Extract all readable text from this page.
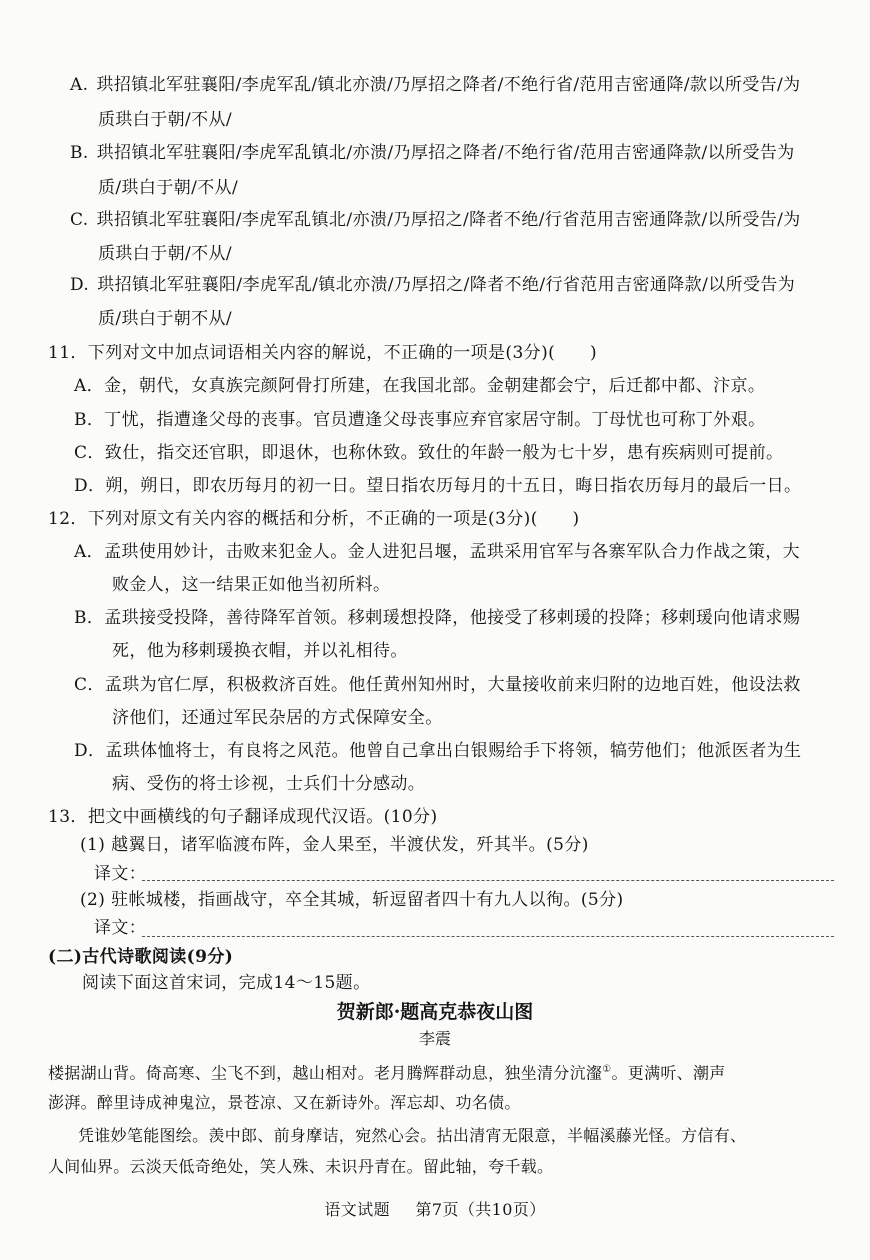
A. 珙招镇北军驻襄阳/李虎军乱/镇北亦溃/乃厚招之降者/不绝行省/范用吉密通降/款以所受告/为
质珙白于朝/不从/
B. 珙招镇北军驻襄阳/李虎军乱镇北/亦溃/乃厚招之降者/不绝行省/范用吉密通降款/以所受告为
质/珙白于朝/不从/
C. 珙招镇北军驻襄阳/李虎军乱镇北/亦溃/乃厚招之/降者不绝/行省范用吉密通降款/以所受告/为
质珙白于朝/不从/
D. 珙招镇北军驻襄阳/李虎军乱/镇北亦溃/乃厚招之/降者不绝/行省范用吉密通降款/以所受告为
质/珙白于朝不从/
11．下列对文中加点词语相关内容的解说，不正确的一项是(3分)(　　)
A．金，朝代，女真族完颜阿骨打所建，在我国北部。金朝建都会宁，后迁都中都、汴京。
B．丁忧，指遭逢父母的丧事。官员遭逢父母丧事应弃官家居守制。丁母忧也可称丁外艰。
C．致仕，指交还官职，即退休，也称休致。致仕的年龄一般为七十岁，患有疾病则可提前。
D．朔，朔日，即农历每月的初一日。望日指农历每月的十五日，晦日指农历每月的最后一日。
12．下列对原文有关内容的概括和分析，不正确的一项是(3分)(　　)
A．孟珙使用妙计，击败来犯金人。金人进犯吕堰，孟珙采用官军与各寨军队合力作战之策，大
败金人，这一结果正如他当初所料。
B．孟珙接受投降，善待降军首领。移剌瑗想投降，他接受了移剌瑗的投降；移剌瑗向他请求赐
死，他为移剌瑗换衣帽，并以礼相待。
C．孟珙为官仁厚，积极救济百姓。他任黄州知州时，大量接收前来归附的边地百姓，他设法救
济他们，还通过军民杂居的方式保障安全。
D．孟珙体恤将士，有良将之风范。他曾自己拿出白银赐给手下将领，犒劳他们；他派医者为生
病、受伤的将士诊视，士兵们十分感动。
13．把文中画横线的句子翻译成现代汉语。(10分)
(1) 越翼日，诸军临渡布阵，金人果至，半渡伏发，歼其半。(5分)
译文：
(2) 驻帐城楼，指画战守，卒全其城，斩逗留者四十有九人以徇。(5分)
译文：
(二)古代诗歌阅读(9分)
阅读下面这首宋词，完成14～15题。
贺新郎·题高克恭夜山图
李震
楼据湖山背。倚高寒、尘飞不到，越山相对。老月腾辉群动息，独坐清分沆瀣①。更满听、潮声
澎湃。醉里诗成神鬼泣，景苍凉、又在新诗外。浑忘却、功名债。
凭谁妙笔能图绘。羡中郎、前身摩诘，宛然心会。拈出清宵无限意，半幅溪藤光怪。方信有、
人间仙界。云淡天低奇绝处，笑人殊、未识丹青在。留此轴，夸千载。
语文试题 第7页（共10页）
